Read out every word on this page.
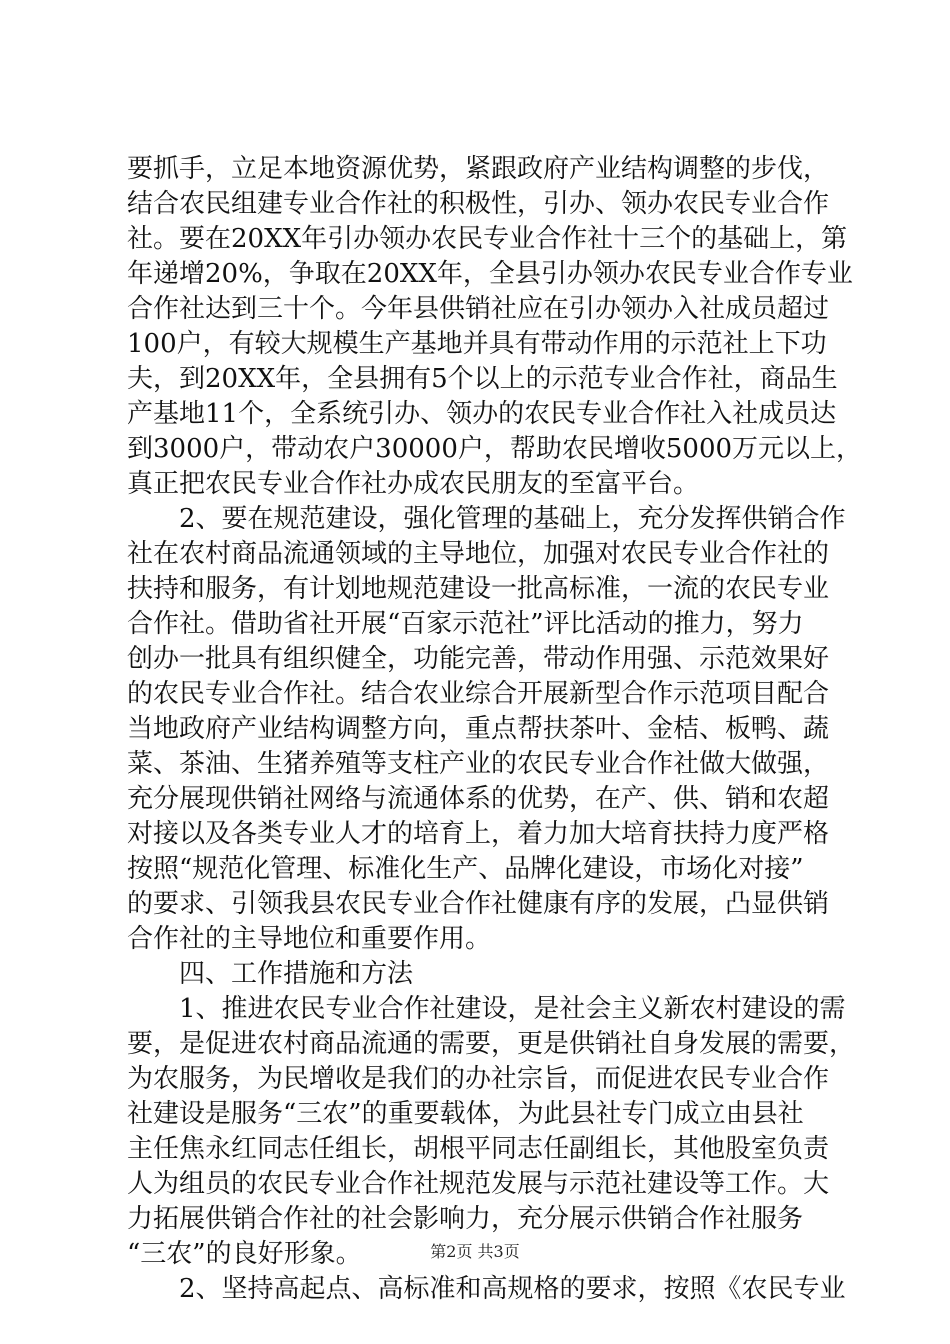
要抓手，立足本地资源优势，紧跟政府产业结构调整的步伐，
结合农民组建专业合作社的积极性，引办、领办农民专业合作
社。要在20XX年引办领办农民专业合作社十三个的基础上，第
年递增20%，争取在20XX年，全县引办领办农民专业合作专业
合作社达到三十个。今年县供销社应在引办领办入社成员超过
100户，有较大规模生产基地并具有带动作用的示范社上下功
夫，到20XX年，全县拥有5个以上的示范专业合作社，商品生
产基地11个，全系统引办、领办的农民专业合作社入社成员达
到3000户，带动农户30000户，帮助农民增收5000万元以上，
真正把农民专业合作社办成农民朋友的至富平台。
　　2、要在规范建设，强化管理的基础上，充分发挥供销合作
社在农村商品流通领域的主导地位，加强对农民专业合作社的
扶持和服务，有计划地规范建设一批高标准，一流的农民专业
合作社。借助省社开展“百家示范社”评比活动的推力，努力
创办一批具有组织健全，功能完善，带动作用强、示范效果好
的农民专业合作社。结合农业综合开展新型合作示范项目配合
当地政府产业结构调整方向，重点帮扶茶叶、金桔、板鸭、蔬
菜、茶油、生猪养殖等支柱产业的农民专业合作社做大做强，
充分展现供销社网络与流通体系的优势，在产、供、销和农超
对接以及各类专业人才的培育上，着力加大培育扶持力度严格
按照“规范化管理、标准化生产、品牌化建设，市场化对接”
的要求、引领我县农民专业合作社健康有序的发展，凸显供销
合作社的主导地位和重要作用。
　　四、工作措施和方法
　　1、推进农民专业合作社建设，是社会主义新农村建设的需
要，是促进农村商品流通的需要，更是供销社自身发展的需要，
为农服务，为民增收是我们的办社宗旨，而促进农民专业合作
社建设是服务“三农”的重要载体，为此县社专门成立由县社
主任焦永红同志任组长，胡根平同志任副组长，其他股室负责
人为组员的农民专业合作社规范发展与示范社建设等工作。大
力拓展供销合作社的社会影响力，充分展示供销合作社服务
“三农”的良好形象。
　　2、坚持高起点、高标准和高规格的要求，按照《农民专业
第2页 共3页
